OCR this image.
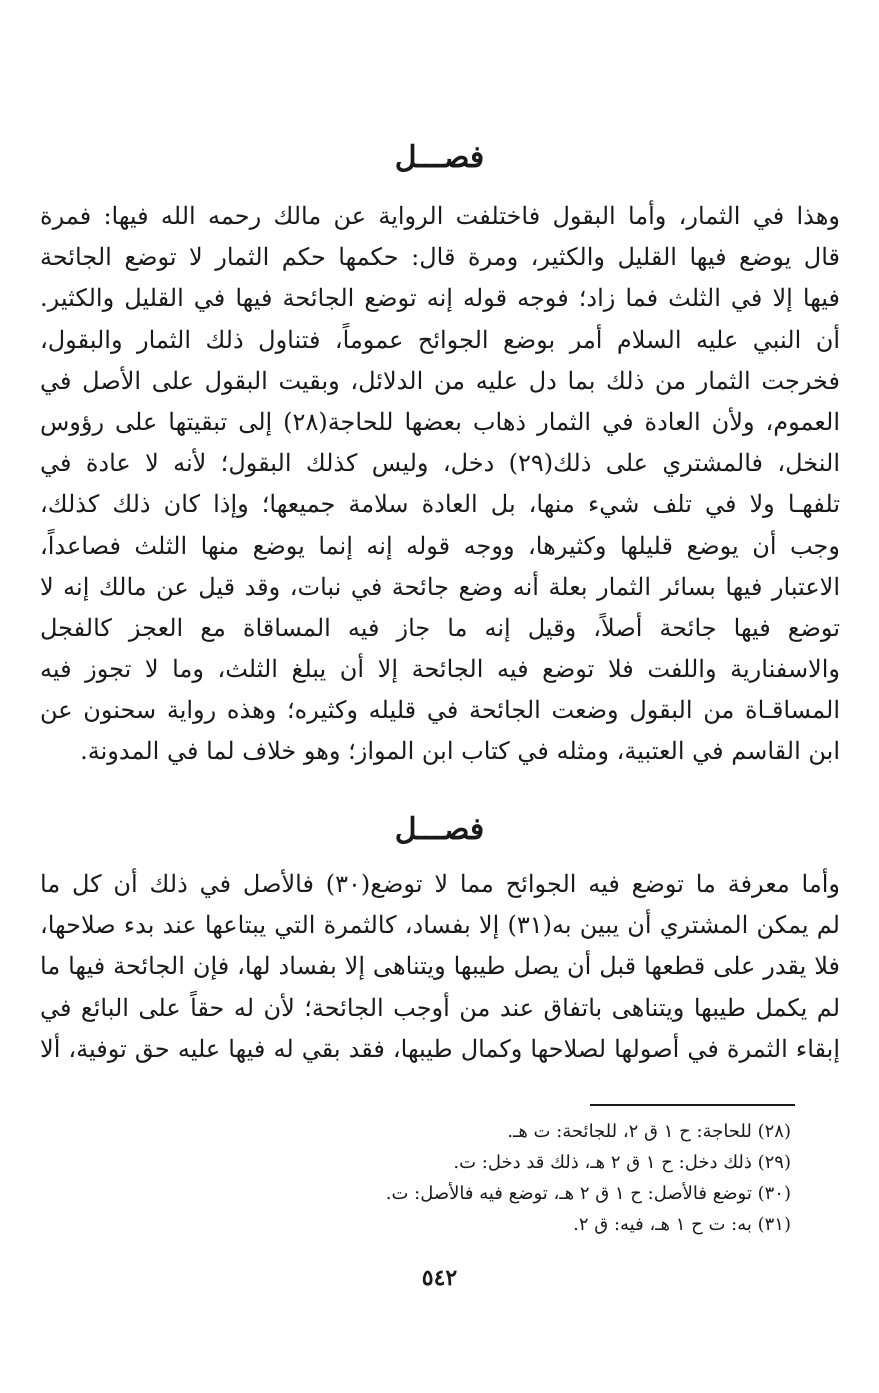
فصـــل
وهذا في الثمار، وأما البقول فاختلفت الرواية عن مالك رحمه الله فيها: فمرة
قال يوضع فيها القليل والكثير، ومرة قال: حكمها حكم الثمار لا توضع الجائحة
فيها إلا في الثلث فما زاد؛ فوجه قوله إنه توضع الجائحة فيها في القليل والكثير.
أن النبي عليه السلام أمر بوضع الجوائح عموماً، فتناول ذلك الثمار والبقول،
فخرجت الثمار من ذلك بما دل عليه من الدلائل، وبقيت البقول على الأصل في
العموم، ولأن العادة في الثمار ذهاب بعضها للحاجة(٢٨) إلى تبقيتها على رؤوس
النخل، فالمشتري على ذلك(٢٩) دخل، وليس كذلك البقول؛ لأنه لا عادة في
تلفهـا ولا في تلف شيء منها، بل العادة سلامة جميعها؛ وإذا كان ذلك كذلك،
وجب أن يوضع قليلها وكثيرها، ووجه قوله إنه إنما يوضع منها الثلث فصاعداً،
الاعتبار فيها بسائر الثمار بعلة أنه وضع جائحة في نبات، وقد قيل عن مالك إنه لا
توضع فيها جائحة أصلاً، وقيل إنه ما جاز فيه المساقاة مع العجز كالفجل
والاسفنارية واللفت فلا توضع فيه الجائحة إلا أن يبلغ الثلث، وما لا تجوز فيه
المساقـاة من البقول وضعت الجائحة في قليله وكثيره؛ وهذه رواية سحنون عن
ابن القاسم في العتبية، ومثله في كتاب ابن المواز؛ وهو خلاف لما في المدونة.
فصـــل
وأما معرفة ما توضع فيه الجوائح مما لا توضع(٣٠) فالأصل في ذلك أن كل ما
لم يمكن المشتري أن يبين به(٣١) إلا بفساد، كالثمرة التي يبتاعها عند بدء صلاحها،
فلا يقدر على قطعها قبل أن يصل طيبها ويتناهى إلا بفساد لها، فإن الجائحة فيها ما
لم يكمل طيبها ويتناهى باتفاق عند من أوجب الجائحة؛ لأن له حقاً على البائع في
إبقاء الثمرة في أصولها لصلاحها وكمال طيبها، فقد بقي له فيها عليه حق توفية، ألا
(٢٨) للحاجة: ح ١ ق ٢، للجائحة: ت هـ.
(٢٩) ذلك دخل: ح ١ ق ٢ هـ، ذلك قد دخل: ت.
(٣٠) توضع فالأصل: ح ١ ق ٢ هـ، توضع فيه فالأصل: ت.
(٣١) به: ت ح ١ هـ، فيه: ق ٢.
٥٤٢
